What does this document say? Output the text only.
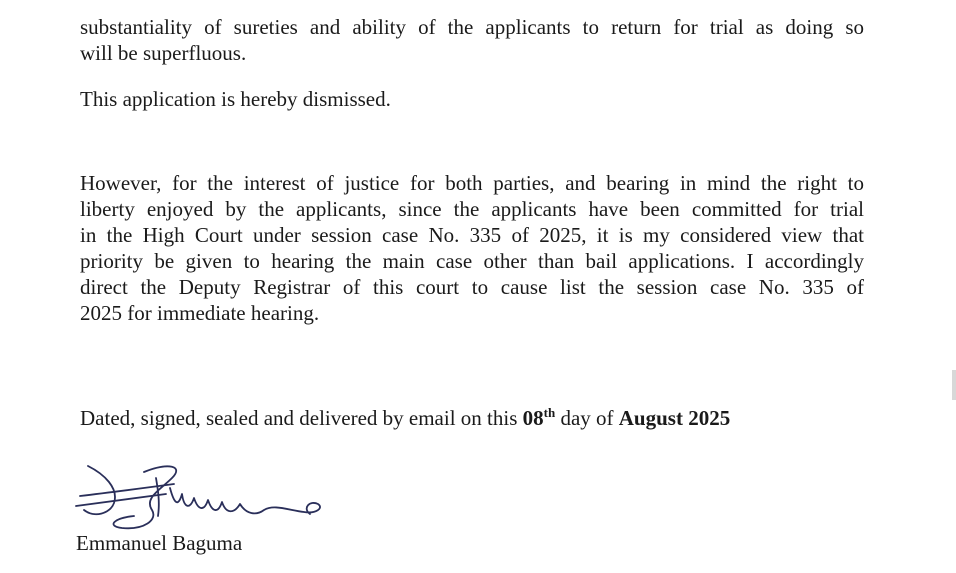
substantiality of sureties and ability of the applicants to return for trial as doing so
will be superfluous.

This application is hereby dismissed.

However, for the interest of justice for both parties, and bearing in mind the right to
liberty enjoyed by the applicants, since the applicants have been committed for trial
in the High Court under session case No. 335 of 2025, it is my considered view that
priority be given to hearing the main case other than bail applications. I accordingly
direct the Deputy Registrar of this court to cause list the session case No. 335 of
2025 for immediate hearing.

Dated, signed, sealed and delivered by email on this 08th day of August 2025

Emmanuel Baguma
